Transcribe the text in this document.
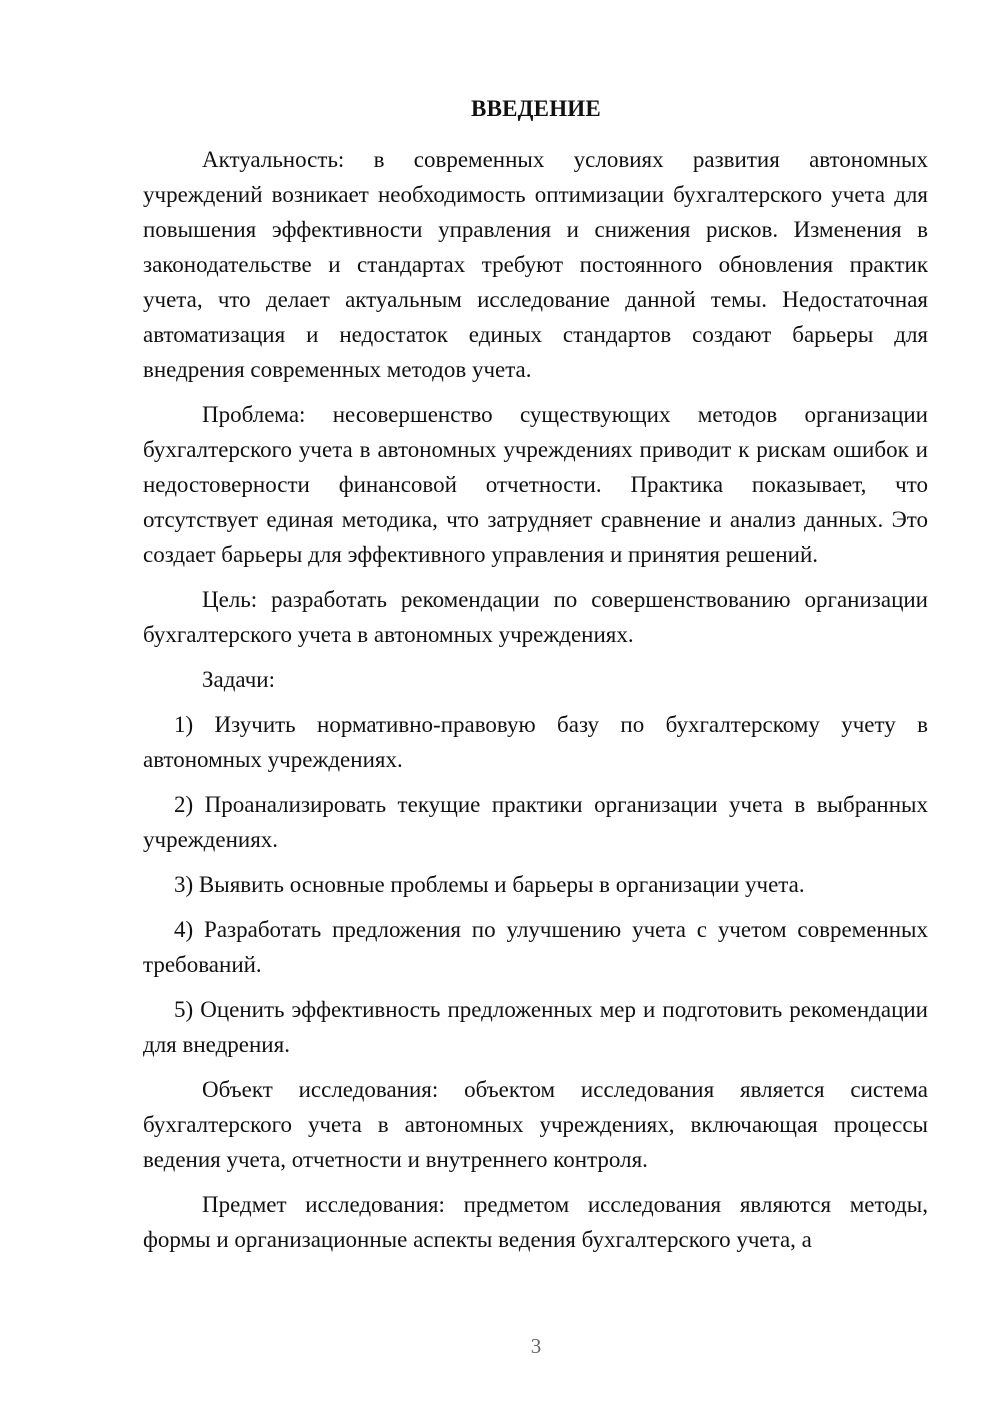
ВВЕДЕНИЕ

Актуальность: в современных условиях развития автономных учреждений возникает необходимость оптимизации бухгалтерского учета для повышения эффективности управления и снижения рисков. Изменения в законодательстве и стандартах требуют постоянного обновления практик учета, что делает актуальным исследование данной темы. Недостаточная автоматизация и недостаток единых стандартов создают барьеры для внедрения современных методов учета.

Проблема: несовершенство существующих методов организации бухгалтерского учета в автономных учреждениях приводит к рискам ошибок и недостоверности финансовой отчетности. Практика показывает, что отсутствует единая методика, что затрудняет сравнение и анализ данных. Это создает барьеры для эффективного управления и принятия решений.

Цель: разработать рекомендации по совершенствованию организации бухгалтерского учета в автономных учреждениях.

Задачи:

1) Изучить нормативно-правовую базу по бухгалтерскому учету в автономных учреждениях.

2) Проанализировать текущие практики организации учета в выбранных учреждениях.

3) Выявить основные проблемы и барьеры в организации учета.

4) Разработать предложения по улучшению учета с учетом современных требований.

5) Оценить эффективность предложенных мер и подготовить рекомендации для внедрения.

Объект исследования: объектом исследования является система бухгалтерского учета в автономных учреждениях, включающая процессы ведения учета, отчетности и внутреннего контроля.

Предмет исследования: предметом исследования являются методы, формы и организационные аспекты ведения бухгалтерского учета, а

3
